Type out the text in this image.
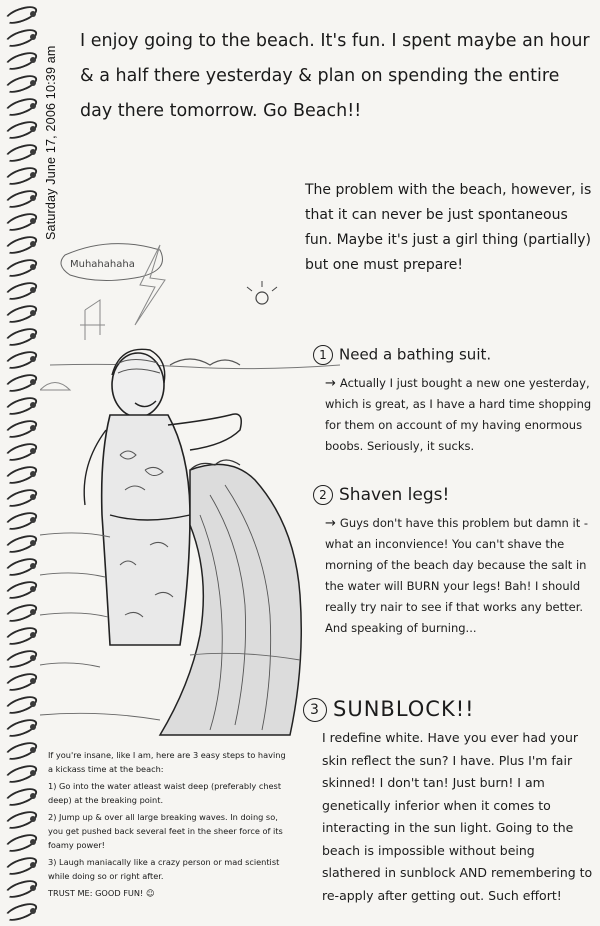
Saturday June 17, 2006 10:39 am
I enjoy going to the beach. It's fun. I spent maybe an hour & a half there yesterday & plan on spending the entire day there tomorrow. Go Beach!!
The problem with the beach, however, is that it can never be just spontaneous fun. Maybe it's just a girl thing (partially) but one must prepare!
1 Need a bathing suit.
→ Actually I just bought a new one yesterday, which is great, as I have a hard time shopping for them on account of my having enormous boobs. Seriously, it sucks.
2 Shaven legs!
→ Guys don't have this problem but damn it - what an inconvience! You can't shave the morning of the beach day because the salt in the water will BURN your legs! Bah! I should really try nair to see if that works any better. And speaking of burning...
3 SUNBLOCK!!
I redefine white. Have you ever had your skin reflect the sun? I have. Plus I'm fair skinned! I don't tan! Just burn! I am genetically inferior when it comes to interacting in the sun light. Going to the beach is impossible without being slathered in sunblock AND remembering to re-apply after getting out. Such effort!
Muhahahaha
If you're insane, like I am, here are 3 easy steps to having a kickass time at the beach:
1) Go into the water atleast waist deep (preferably chest deep) at the breaking point.
2) Jump up & over all large breaking waves. In doing so, you get pushed back several feet in the sheer force of its foamy power!
3) Laugh maniacally like a crazy person or mad scientist while doing so or right after.
TRUST ME: GOOD FUN! ☺
